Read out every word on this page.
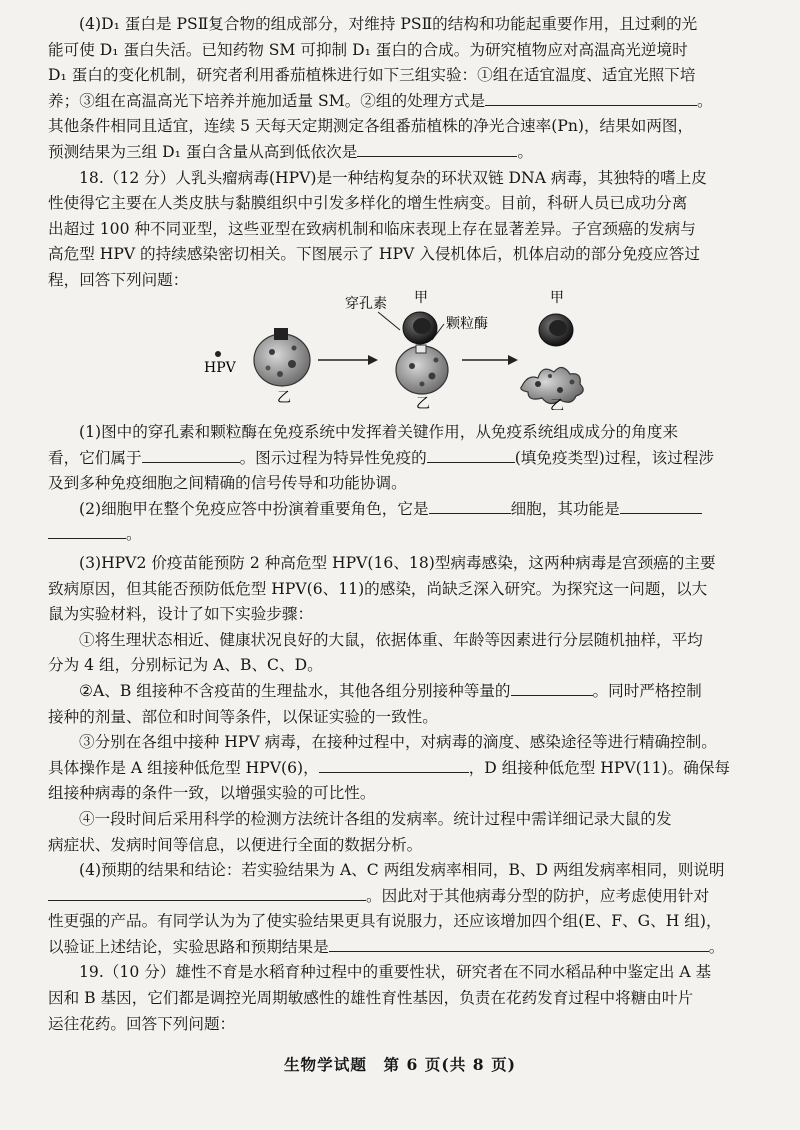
(4)D₁ 蛋白是 PSⅡ复合物的组成部分，对维持 PSⅡ的结构和功能起重要作用，且过剩的光

能可使 D₁ 蛋白失活。已知药物 SM 可抑制 D₁ 蛋白的合成。为研究植物应对高温高光逆境时

D₁ 蛋白的变化机制，研究者利用番茄植株进行如下三组实验：①组在适宜温度、适宜光照下培

养；③组在高温高光下培养并施加适量 SM。②组的处理方式是	。

其他条件相同且适宜，连续 5 天每天定期测定各组番茄植株的净光合速率(Pn)，结果如两图，

预测结果为三组 D₁ 蛋白含量从高到低依次是	。

18.（12 分）人乳头瘤病毒(HPV)是一种结构复杂的环状双链 DNA 病毒，其独特的嗜上皮

性使得它主要在人类皮肤与黏膜组织中引发多样化的增生性病变。目前，科研人员已成功分离

出超过 100 种不同亚型，这些亚型在致病机制和临床表现上存在显著差异。子宫颈癌的发病与

高危型 HPV 的持续感染密切相关。下图展示了 HPV 入侵机体后，机体启动的部分免疫应答过

程，回答下列问题：

HPV
乙
穿孔素 甲
颗粒酶
乙
甲
乙

(1)图中的穿孔素和颗粒酶在免疫系统中发挥着关键作用，从免疫系统组成成分的角度来

看，它们属于	。图示过程为特异性免疫的	(填免疫类型)过程，该过程涉

及到多种免疫细胞之间精确的信号传导和功能协调。

(2)细胞甲在整个免疫应答中扮演着重要角色，它是	细胞，其功能是

。

(3)HPV2 价疫苗能预防 2 种高危型 HPV(16、18)型病毒感染，这两种病毒是宫颈癌的主要

致病原因，但其能否预防低危型 HPV(6、11)的感染，尚缺乏深入研究。为探究这一问题，以大

鼠为实验材料，设计了如下实验步骤：

①将生理状态相近、健康状况良好的大鼠，依据体重、年龄等因素进行分层随机抽样，平均

分为 4 组，分别标记为 A、B、C、D。

②A、B 组接种不含疫苗的生理盐水，其他各组分别接种等量的	。同时严格控制

接种的剂量、部位和时间等条件，以保证实验的一致性。

③分别在各组中接种 HPV 病毒，在接种过程中，对病毒的滴度、感染途径等进行精确控制。

具体操作是 A 组接种低危型 HPV(6)，	，D 组接种低危型 HPV(11)。确保每

组接种病毒的条件一致，以增强实验的可比性。

④一段时间后采用科学的检测方法统计各组的发病率。统计过程中需详细记录大鼠的发

病症状、发病时间等信息，以便进行全面的数据分析。

(4)预期的结果和结论：若实验结果为 A、C 两组发病率相同，B、D 两组发病率相同，则说明

。因此对于其他病毒分型的防护，应考虑使用针对

性更强的产品。有同学认为为了使实验结果更具有说服力，还应该增加四个组(E、F、G、H 组)，

以验证上述结论，实验思路和预期结果是	。

19.（10 分）雄性不育是水稻育种过程中的重要性状，研究者在不同水稻品种中鉴定出 A 基

因和 B 基因，它们都是调控光周期敏感性的雄性育性基因，负责在花药发育过程中将糖由叶片

运往花药。回答下列问题：

生物学试题　第 6 页(共 8 页)
